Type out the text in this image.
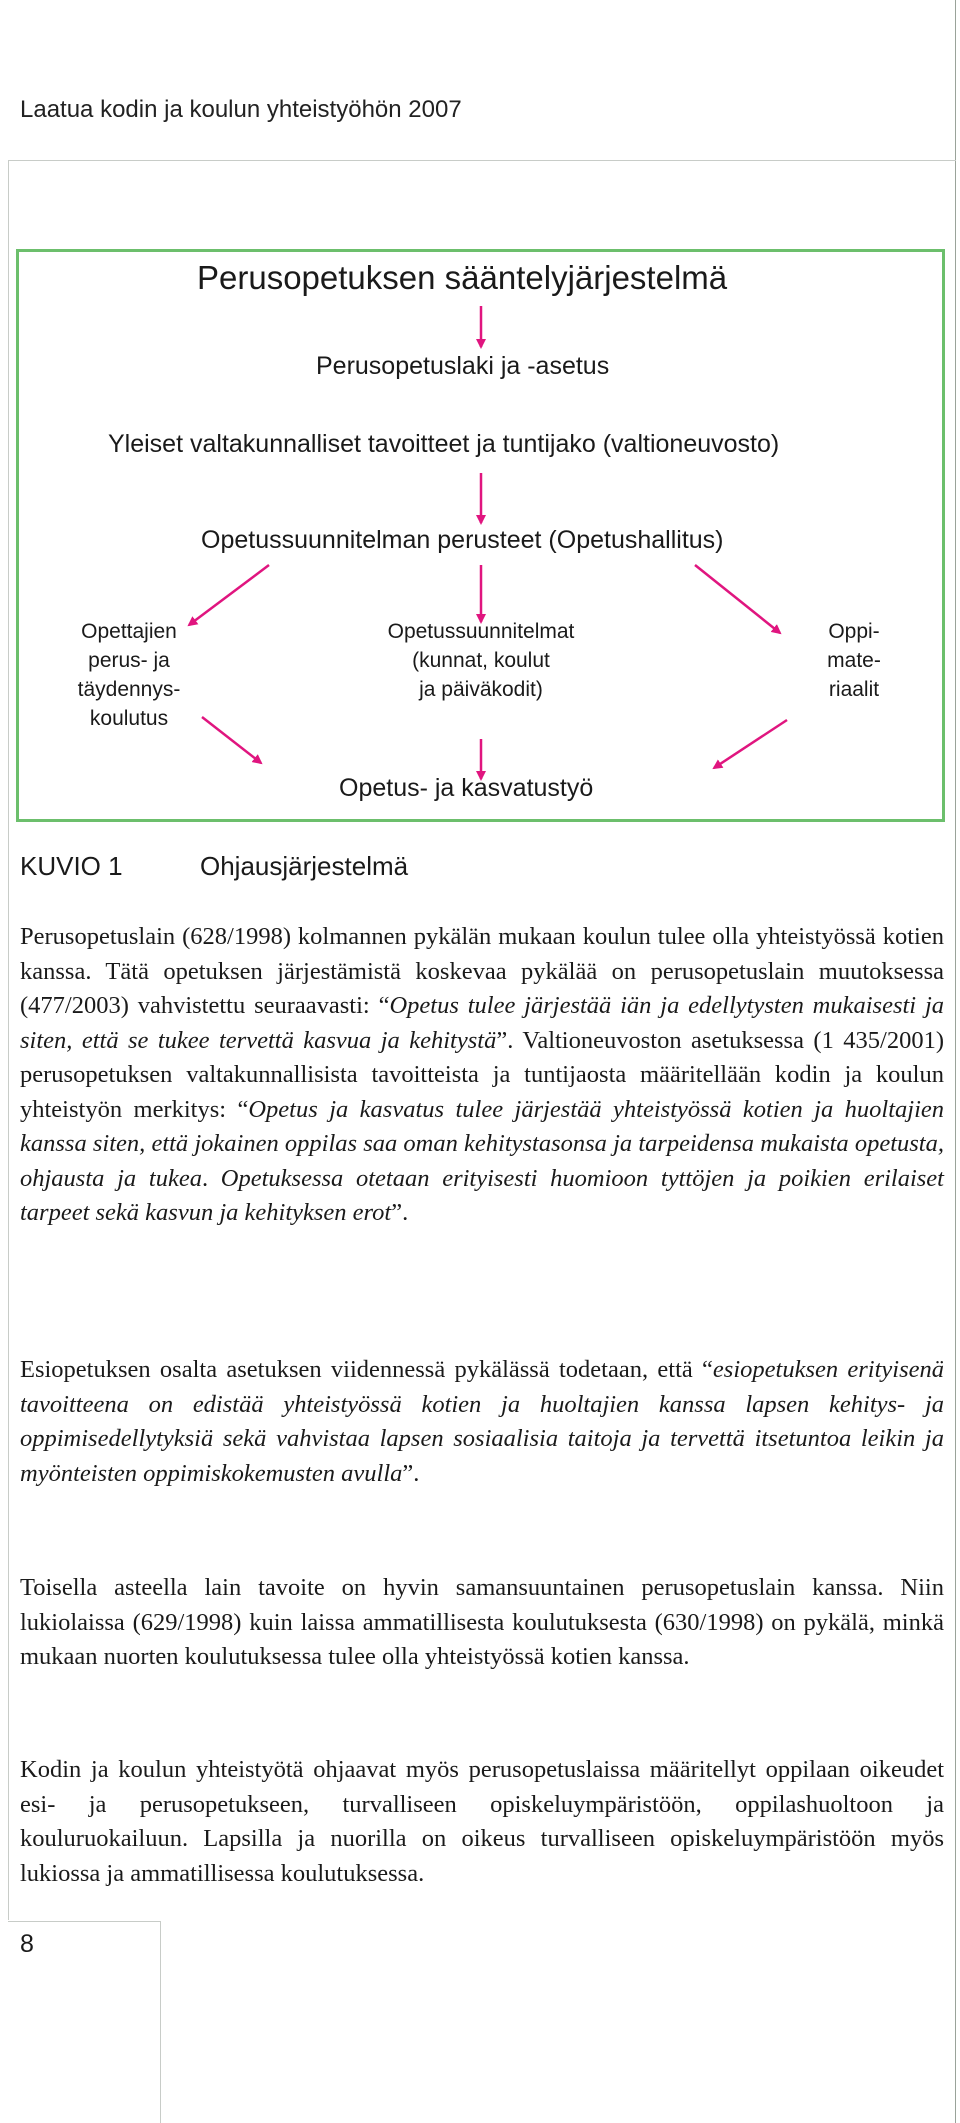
Laatua kodin ja koulun yhteistyöhön 2007
Perusopetuksen sääntelyjärjestelmä
Perusopetuslaki ja -asetus
Yleiset valtakunnalliset tavoitteet ja tuntijako (valtioneuvosto)
Opetussuunnitelman perusteet (Opetushallitus)
Opettajien
perus- ja
täydennys-
koulutus
Opetussuunnitelmat
(kunnat, koulut
ja päiväkodit)
Oppi-
mate-
riaalit
Opetus- ja kasvatustyö
KUVIO 1	Ohjausjärjestelmä
Perusopetuslain (628/1998) kolmannen pykälän mukaan koulun tulee olla yhteistyössä kotien kanssa. Tätä opetuksen järjestämistä koskevaa pykälää on perusopetuslain muutoksessa (477/2003) vahvistettu seuraavasti: “Opetus tulee järjestää iän ja edellytysten mukaisesti ja siten, että se tukee tervettä kasvua ja kehitystä”. Valtioneuvoston asetuksessa (1 435/2001) perusopetuksen valtakunnallisista tavoitteista ja tuntijaosta määritellään kodin ja koulun yhteistyön merkitys: “Opetus ja kasvatus tulee järjestää yhteistyössä kotien ja huoltajien kanssa siten, että jokainen oppilas saa oman kehitystasonsa ja tarpeidensa mukaista opetusta, ohjausta ja tukea. Opetuksessa otetaan erityisesti huomioon tyttöjen ja poikien erilaiset tarpeet sekä kasvun ja kehityksen erot”.
Esiopetuksen osalta asetuksen viidennessä pykälässä todetaan, että “esiopetuksen erityisenä tavoitteena on edistää yhteistyössä kotien ja huoltajien kanssa lapsen kehitys- ja oppimisedellytyksiä sekä vahvistaa lapsen sosiaalisia taitoja ja tervettä itsetuntoa leikin ja myönteisten oppimiskokemusten avulla”.
Toisella asteella lain tavoite on hyvin samansuuntainen perusopetuslain kanssa. Niin lukiolaissa (629/1998) kuin laissa ammatillisesta koulutuksesta (630/1998) on pykälä, minkä mukaan nuorten koulutuksessa tulee olla yhteistyössä kotien kanssa.
Kodin ja koulun yhteistyötä ohjaavat myös perusopetuslaissa määritellyt oppilaan oikeudet esi- ja perusopetukseen, turvalliseen opiskeluympäristöön, oppilashuoltoon ja kouluruokailuun. Lapsilla ja nuorilla on oikeus turvalliseen opiskeluympäristöön myös lukiossa ja ammatillisessa koulutuksessa.
8
